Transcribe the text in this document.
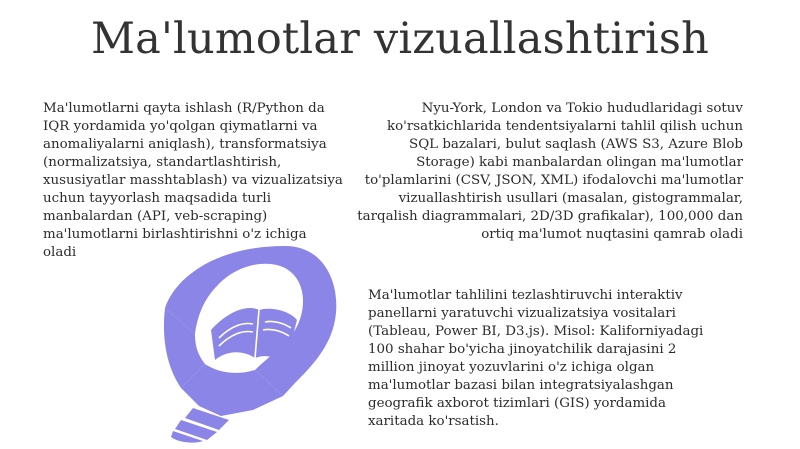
Ma'lumotlar vizuallashtirish
Ma'lumotlarni qayta ishlash (R/Python da IQR yordamida yo'qolgan qiymatlarni va anomaliyalarni aniqlash), transformatsiya (normalizatsiya, standartlashtirish, xususiyatlar masshtablash) va vizualizatsiya uchun tayyorlash maqsadida turli manbalardan (API, veb-scraping) ma'lumotlarni birlashtirishni o'z ichiga oladi
Nyu-York, London va Tokio hududlaridagi sotuv ko'rsatkichlarida tendentsiyalarni tahlil qilish uchun SQL bazalari, bulut saqlash (AWS S3, Azure Blob Storage) kabi manbalardan olingan ma'lumotlar to'plamlarini (CSV, JSON, XML) ifodalovchi ma'lumotlar vizuallashtirish usullari (masalan, gistogrammalar, tarqalish diagrammalari, 2D/3D grafikalar), 100,000 dan ortiq ma'lumot nuqtasini qamrab oladi
Ma'lumotlar tahlilini tezlashtiruvchi interaktiv panellarni yaratuvchi vizualizatsiya vositalari (Tableau, Power BI, D3.js). Misol: Kaliforniyadagi 100 shahar bo'yicha jinoyatchilik darajasini 2 million jinoyat yozuvlarini o'z ichiga olgan ma'lumotlar bazasi bilan integratsiyalashgan geografik axborot tizimlari (GIS) yordamida xaritada ko'rsatish.
